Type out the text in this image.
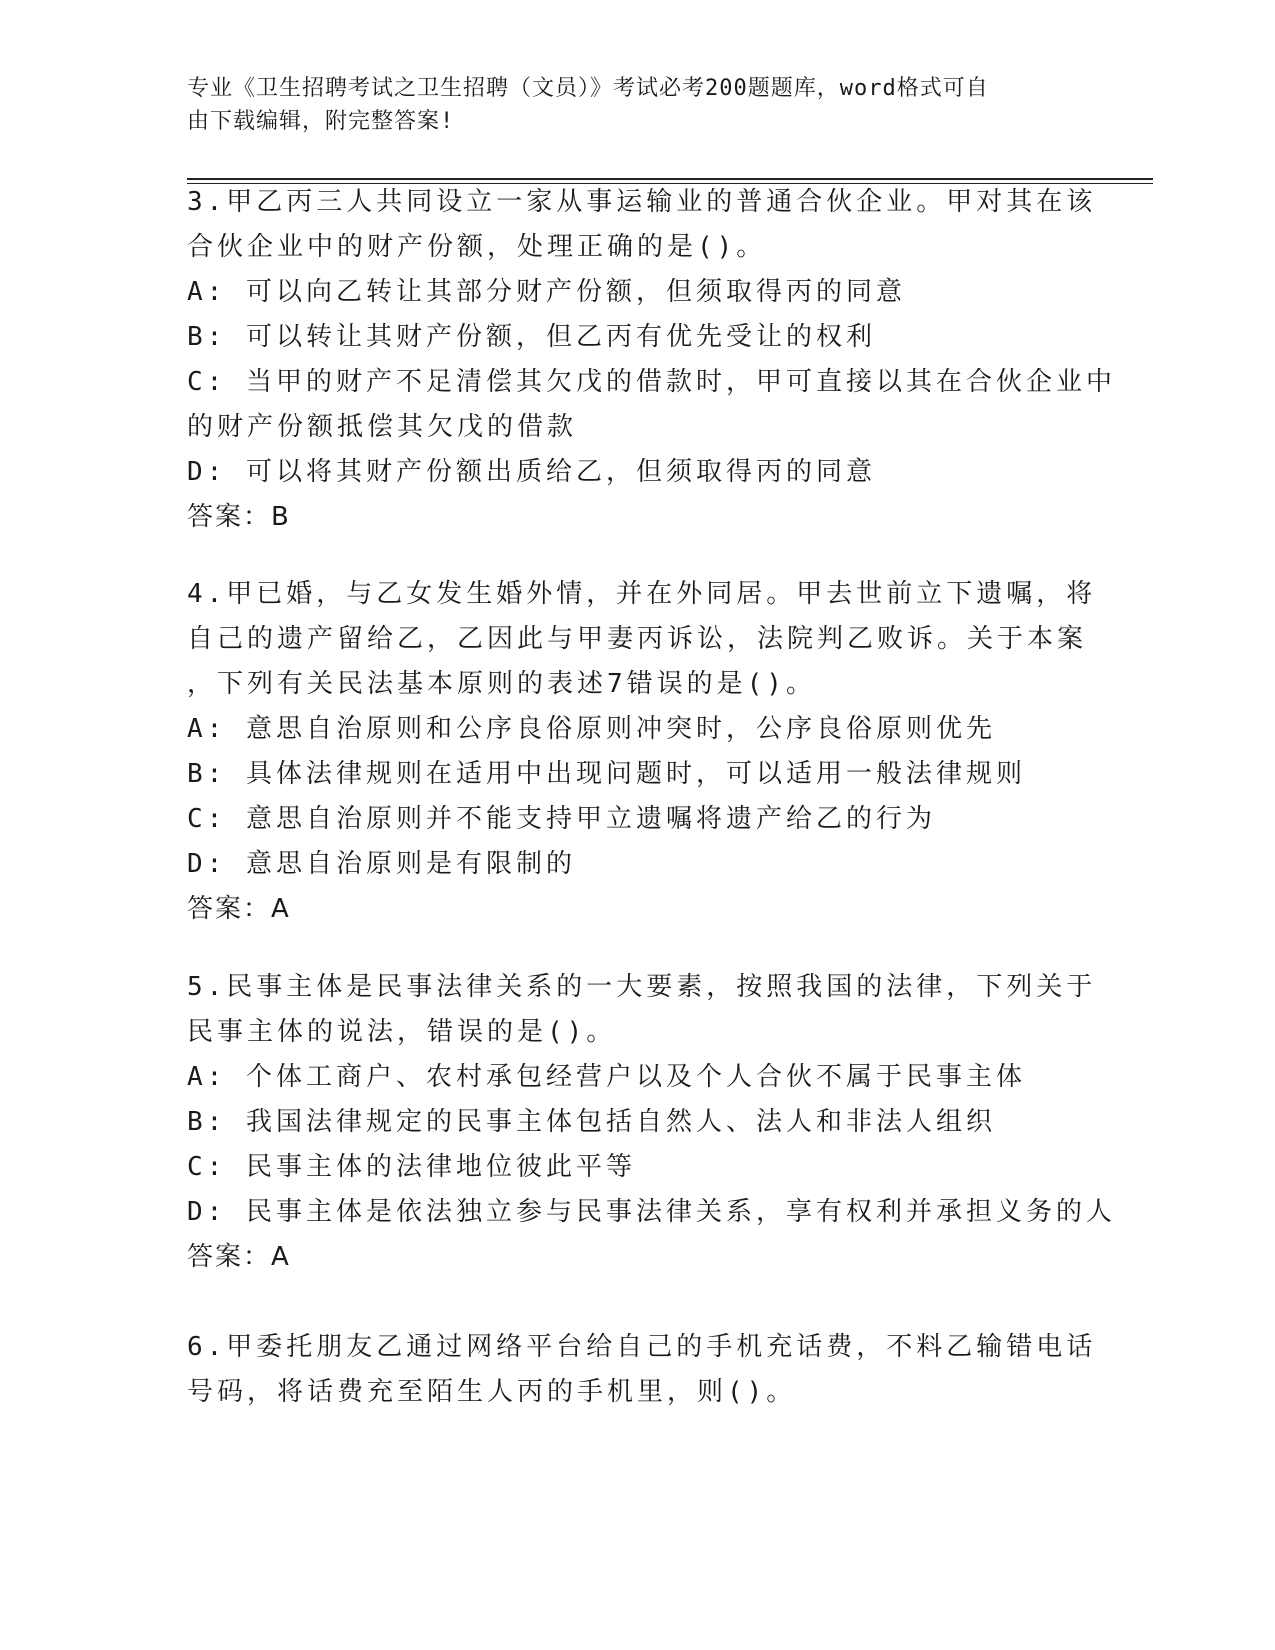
专业《卫生招聘考试之卫生招聘（文员）》考试必考200题题库，word格式可自
由下载编辑，附完整答案!
3.甲乙丙三人共同设立一家从事运输业的普通合伙企业。甲对其在该
合伙企业中的财产份额，处理正确的是()。
A: 可以向乙转让其部分财产份额，但须取得丙的同意
B: 可以转让其财产份额，但乙丙有优先受让的权利
C: 当甲的财产不足清偿其欠戊的借款时，甲可直接以其在合伙企业中
的财产份额抵偿其欠戊的借款
D: 可以将其财产份额出质给乙，但须取得丙的同意
答案：B
4.甲已婚，与乙女发生婚外情，并在外同居。甲去世前立下遗嘱，将
自己的遗产留给乙，乙因此与甲妻丙诉讼，法院判乙败诉。关于本案
，下列有关民法基本原则的表述7错误的是()。
A: 意思自治原则和公序良俗原则冲突时，公序良俗原则优先
B: 具体法律规则在适用中出现问题时，可以适用一般法律规则
C: 意思自治原则并不能支持甲立遗嘱将遗产给乙的行为
D: 意思自治原则是有限制的
答案：A
5.民事主体是民事法律关系的一大要素，按照我国的法律，下列关于
民事主体的说法，错误的是()。
A: 个体工商户、农村承包经营户以及个人合伙不属于民事主体
B: 我国法律规定的民事主体包括自然人、法人和非法人组织
C: 民事主体的法律地位彼此平等
D: 民事主体是依法独立参与民事法律关系，享有权利并承担义务的人
答案：A
6.甲委托朋友乙通过网络平台给自己的手机充话费，不料乙输错电话
号码，将话费充至陌生人丙的手机里，则()。
